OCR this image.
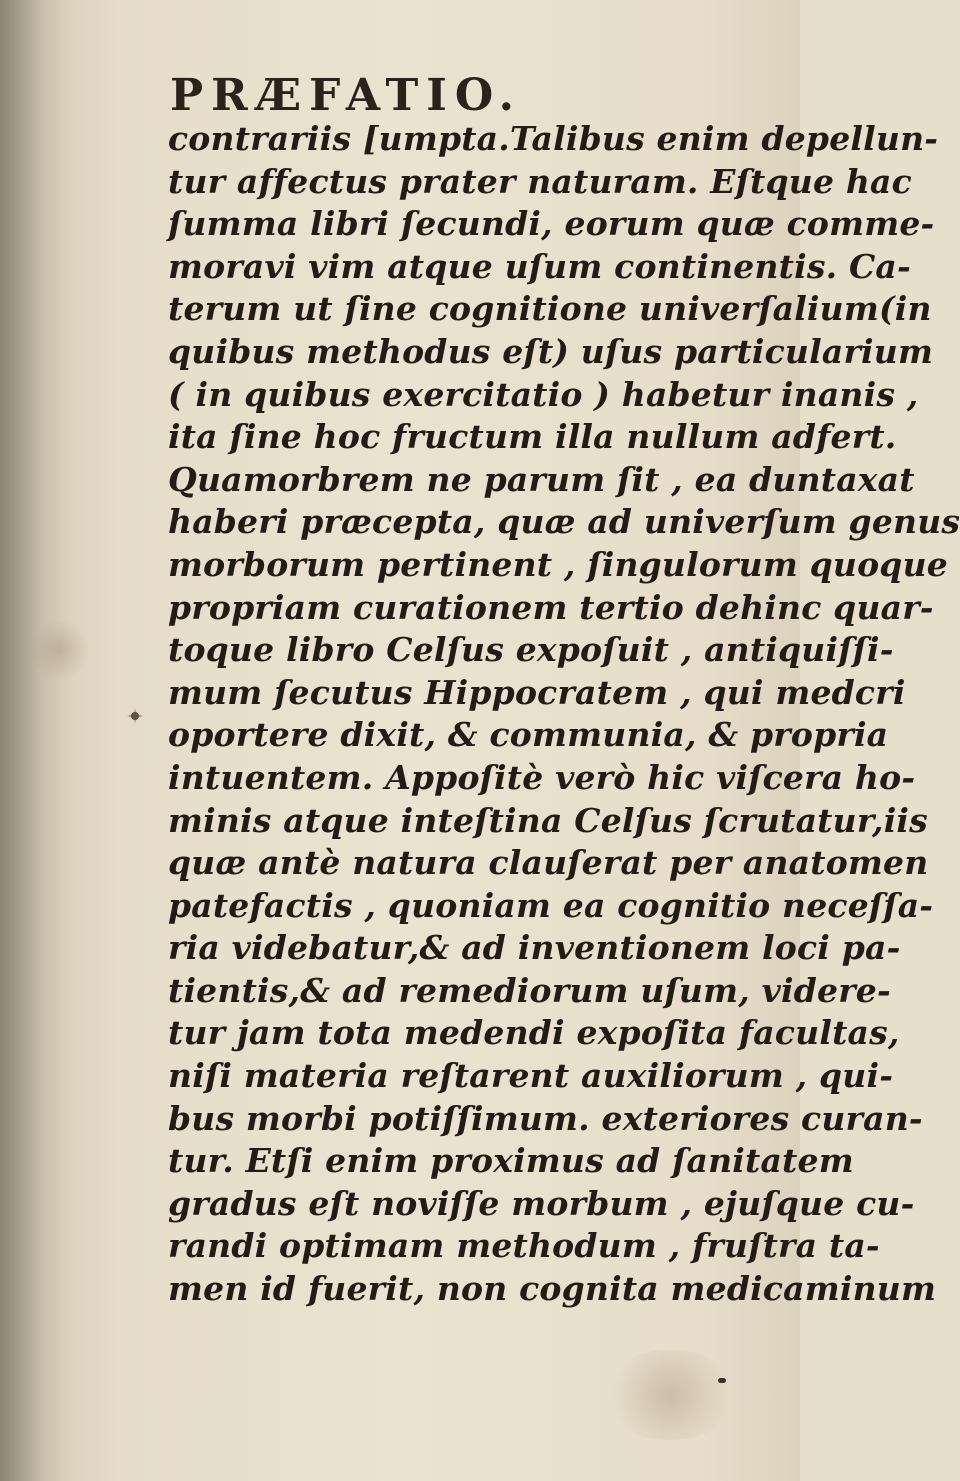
PRÆFATIO.
contrariis [umpta.Talibus enim depellun-
tur affectus prater naturam. Eſtque hac
ſumma libri ſecundi, eorum quæ comme-
moravi vim atque uſum continentis. Ca-
terum ut ſine cognitione univerſalium(in
quibus methodus eſt) uſus particularium
( in quibus exercitatio ) habetur inanis ,
ita ſine hoc fructum illa nullum adfert.
Quamorbrem ne parum ſit , ea duntaxat
haberi præcepta, quæ ad univerſum genus
morborum pertinent , ſingulorum quoque
propriam curationem tertio dehinc quar-
toque libro Celſus expoſuit , antiquiſſi-
mum ſecutus Hippocratem , qui medcri
oportere dixit, & communia, & propria
intuentem. Appoſitè verò hic viſcera ho-
minis atque inteſtina Celſus ſcrutatur,iis
quæ antè natura clauſerat per anatomen
patefactis , quoniam ea cognitio neceſſa-
ria videbatur,& ad inventionem loci pa-
tientis,& ad remediorum uſum, videre-
tur jam tota medendi expoſita facultas,
niſi materia reſtarent auxiliorum , qui-
bus morbi potiſſimum. exteriores curan-
tur. Etſi enim proximus ad ſanitatem
gradus eſt noviſſe morbum , ejuſque cu-
randi optimam methodum , fruſtra ta-
men id fuerit, non cognita medicaminum
